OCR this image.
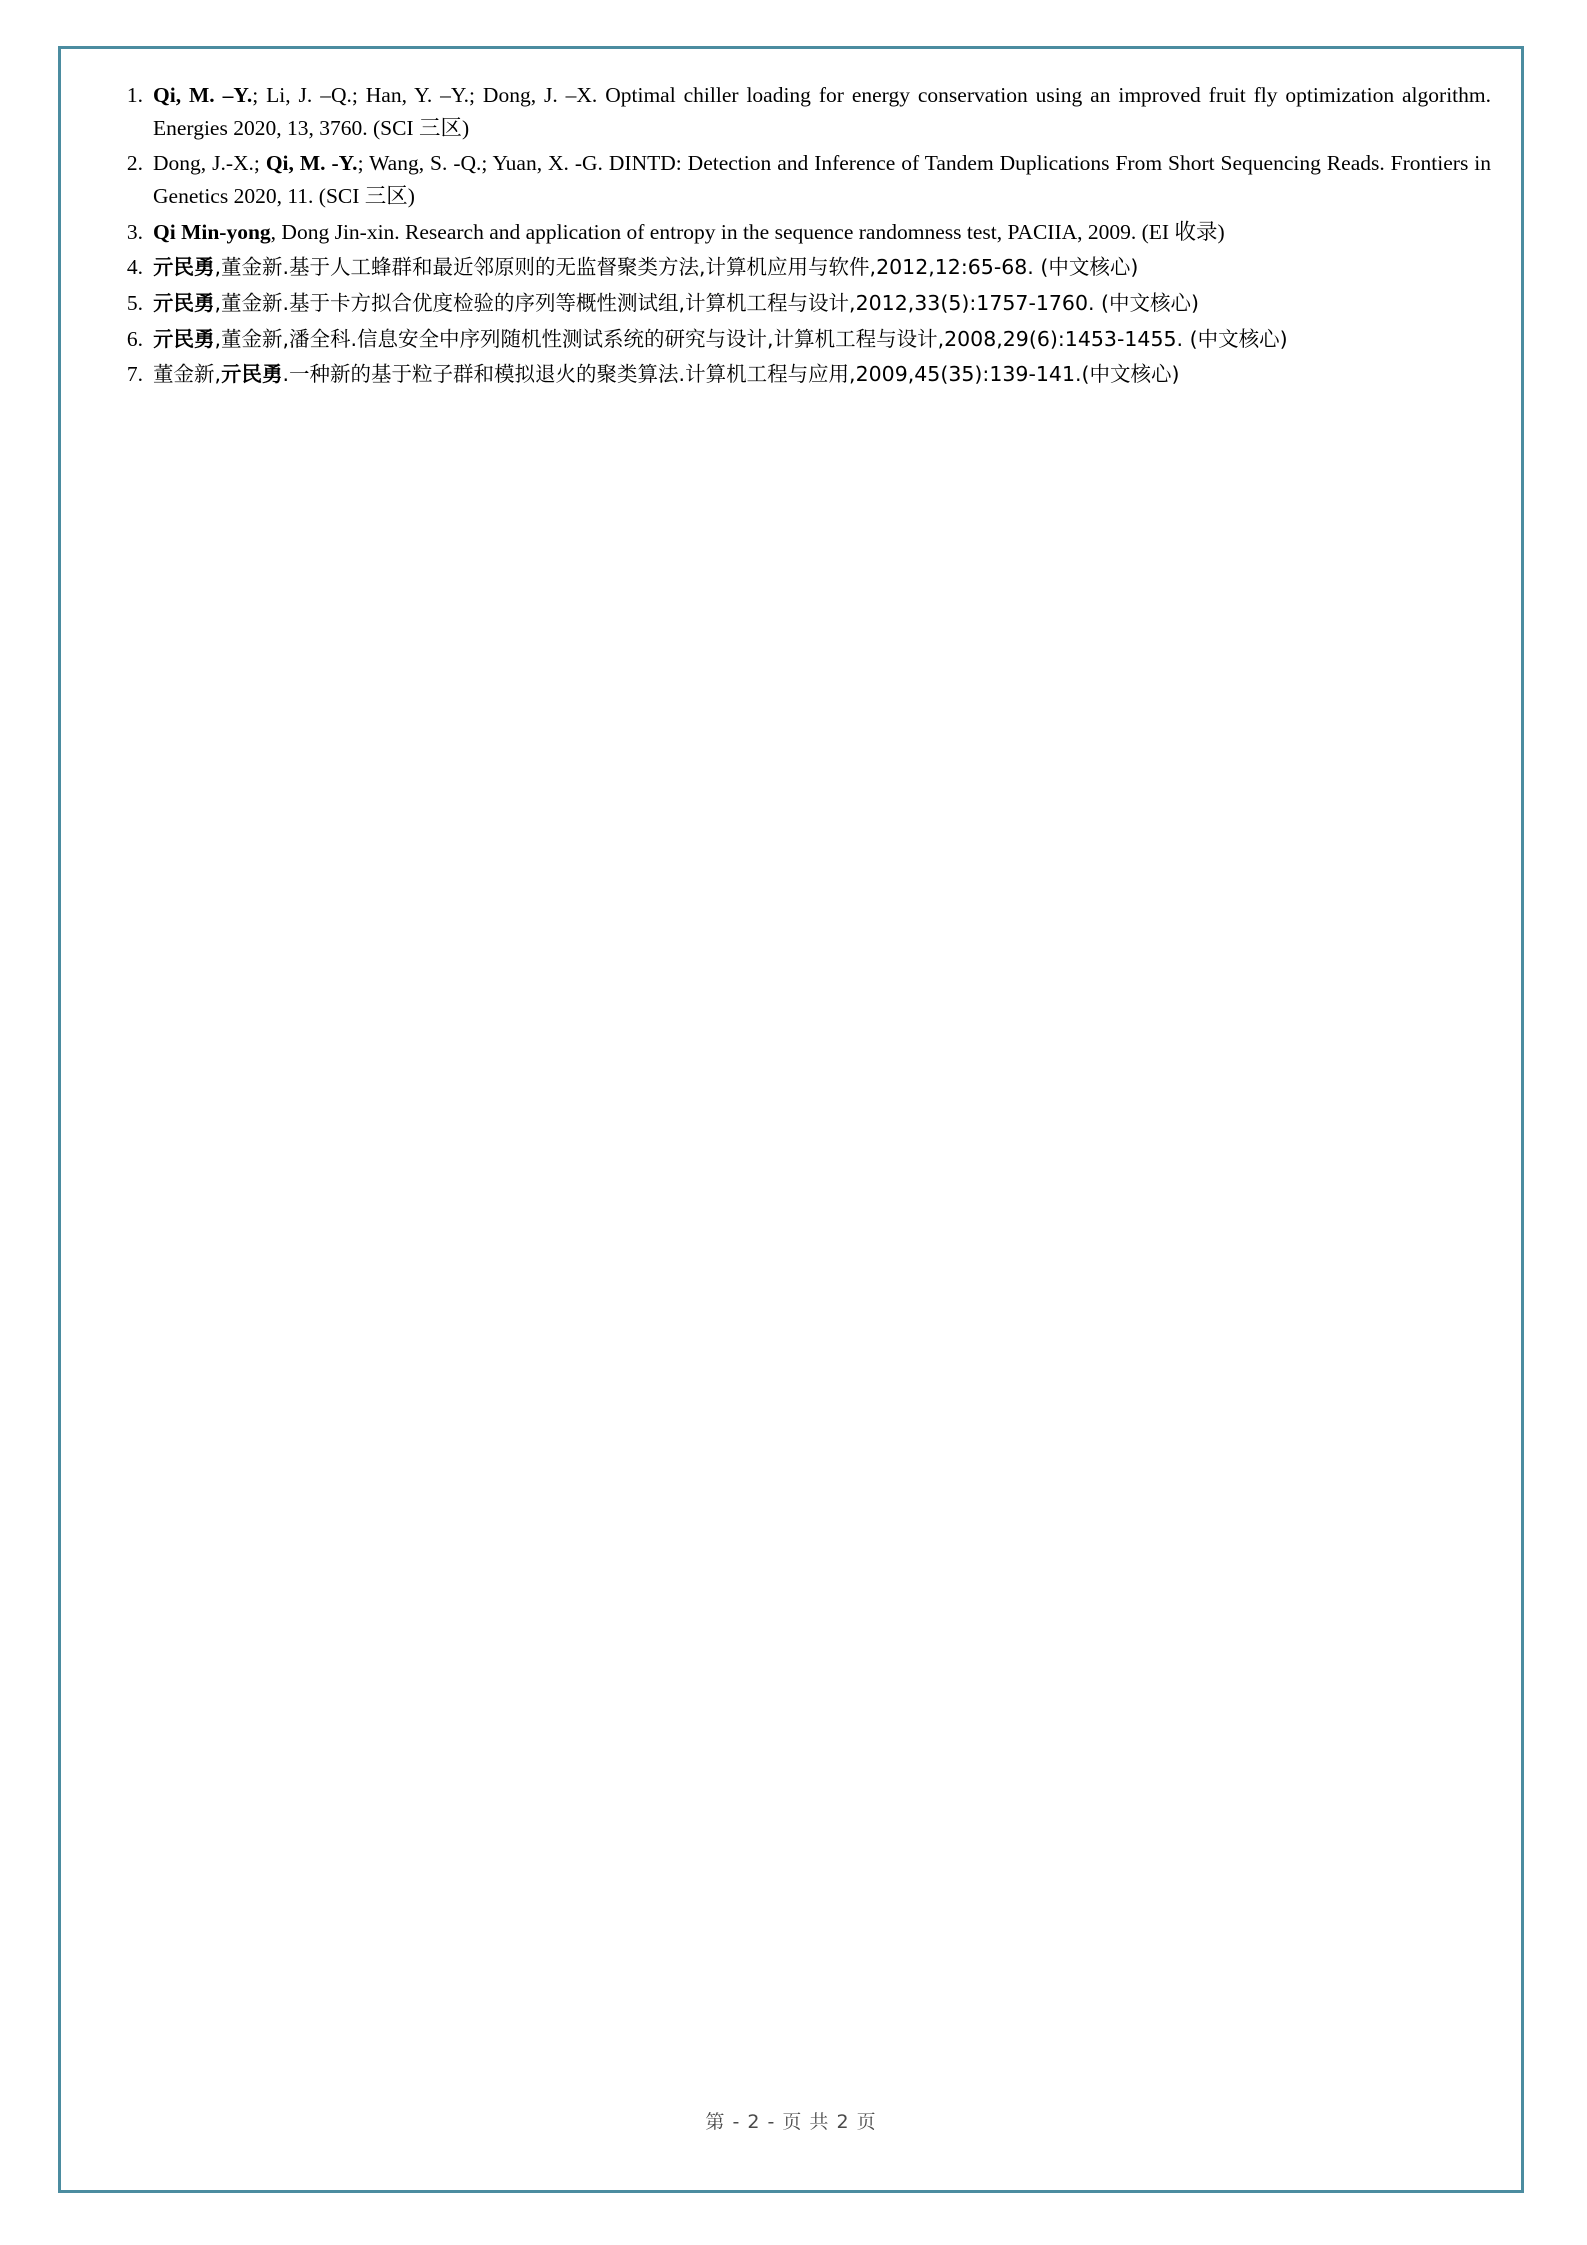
1. Qi, M. –Y.; Li, J. –Q.; Han, Y. –Y.; Dong, J. –X. Optimal chiller loading for energy conservation using an improved fruit fly optimization algorithm. Energies 2020, 13, 3760. (SCI 三区)
2. Dong, J.-X.; Qi, M. -Y.; Wang, S. -Q.; Yuan, X. -G. DINTD: Detection and Inference of Tandem Duplications From Short Sequencing Reads. Frontiers in Genetics 2020, 11. (SCI 三区)
3. Qi Min-yong, Dong Jin-xin. Research and application of entropy in the sequence randomness test, PACIIA, 2009. (EI 收录)
4. 亓民勇,董金新.基于人工蜂群和最近邻原则的无监督聚类方法,计算机应用与软件,2012,12:65-68. (中文核心)
5. 亓民勇,董金新.基于卡方拟合优度检验的序列等概性测试组,计算机工程与设计,2012,33(5):1757-1760. (中文核心)
6. 亓民勇,董金新,潘全科.信息安全中序列随机性测试系统的研究与设计,计算机工程与设计,2008,29(6):1453-1455. (中文核心)
7. 董金新,亓民勇.一种新的基于粒子群和模拟退火的聚类算法.计算机工程与应用,2009,45(35):139-141.(中文核心)
第 - 2 - 页 共 2 页
